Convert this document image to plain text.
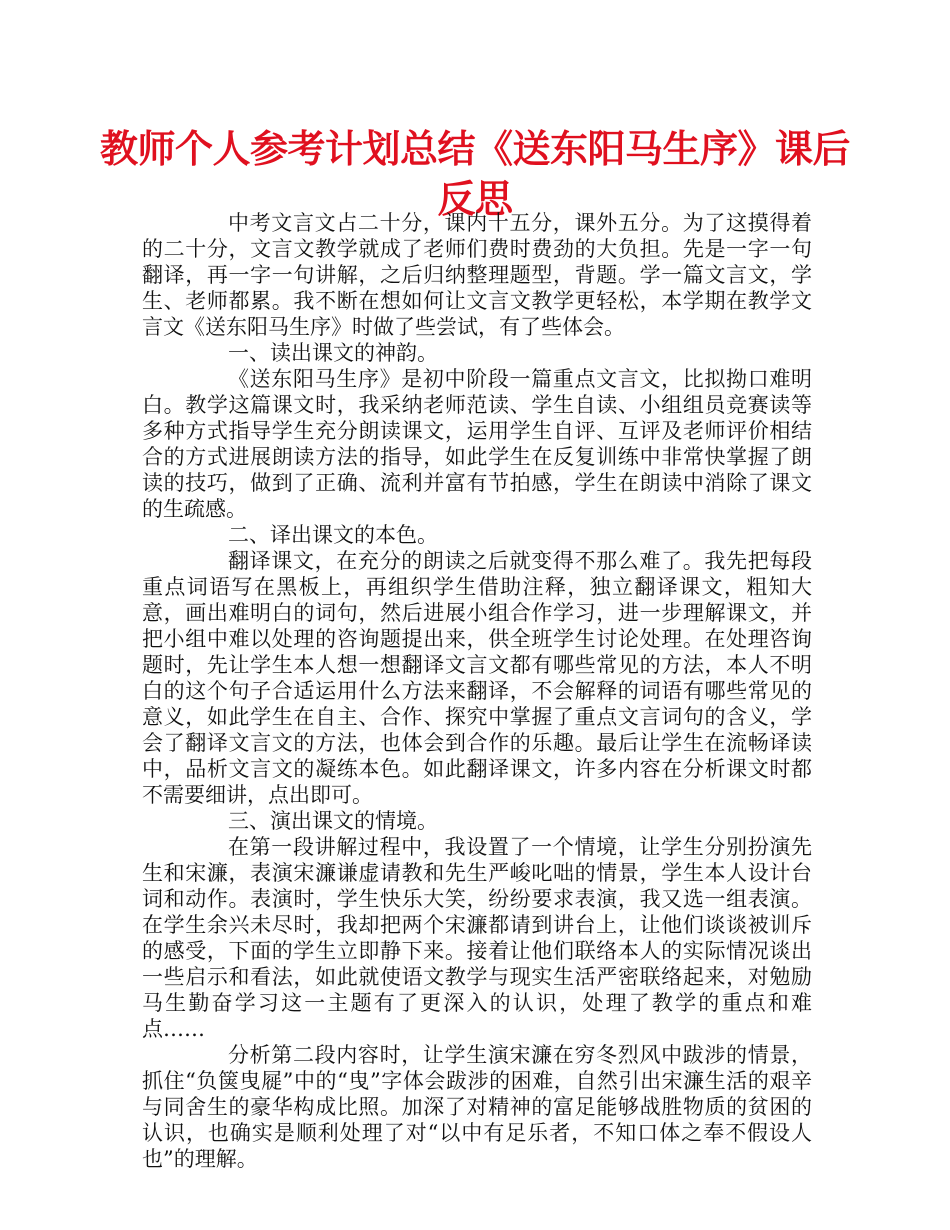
教师个人参考计划总结《送东阳马生序》课后反思

中考文言文占二十分，课内十五分，课外五分。为了这摸得着的二十分，文言文教学就成了老师们费时费劲的大负担。先是一字一句翻译，再一字一句讲解，之后归纳整理题型，背题。学一篇文言文，学生、老师都累。我不断在想如何让文言文教学更轻松，本学期在教学文言文《送东阳马生序》时做了些尝试，有了些体会。

一、读出课文的神韵。

《送东阳马生序》是初中阶段一篇重点文言文，比拟拗口难明白。教学这篇课文时，我采纳老师范读、学生自读、小组组员竞赛读等多种方式指导学生充分朗读课文，运用学生自评、互评及老师评价相结合的方式进展朗读方法的指导，如此学生在反复训练中非常快掌握了朗读的技巧，做到了正确、流利并富有节拍感，学生在朗读中消除了课文的生疏感。

二、译出课文的本色。

翻译课文，在充分的朗读之后就变得不那么难了。我先把每段重点词语写在黑板上，再组织学生借助注释，独立翻译课文，粗知大意，画出难明白的词句，然后进展小组合作学习，进一步理解课文，并把小组中难以处理的咨询题提出来，供全班学生讨论处理。在处理咨询题时，先让学生本人想一想翻译文言文都有哪些常见的方法，本人不明白的这个句子合适运用什么方法来翻译，不会解释的词语有哪些常见的意义，如此学生在自主、合作、探究中掌握了重点文言词句的含义，学会了翻译文言文的方法，也体会到合作的乐趣。最后让学生在流畅译读中，品析文言文的凝练本色。如此翻译课文，许多内容在分析课文时都不需要细讲，点出即可。

三、演出课文的情境。

在第一段讲解过程中，我设置了一个情境，让学生分别扮演先生和宋濂，表演宋濂谦虚请教和先生严峻叱咄的情景，学生本人设计台词和动作。表演时，学生快乐大笑，纷纷要求表演，我又选一组表演。在学生余兴未尽时，我却把两个宋濂都请到讲台上，让他们谈谈被训斥的感受，下面的学生立即静下来。接着让他们联络本人的实际情况谈出一些启示和看法，如此就使语文教学与现实生活严密联络起来，对勉励马生勤奋学习这一主题有了更深入的认识，处理了教学的重点和难点……

分析第二段内容时，让学生演宋濂在穷冬烈风中跋涉的情景，抓住“负箧曳屣”中的“曳”字体会跋涉的困难，自然引出宋濂生活的艰辛与同舍生的豪华构成比照。加深了对精神的富足能够战胜物质的贫困的认识，也确实是顺利处理了对“以中有足乐者，不知口体之奉不假设人也”的理解。
